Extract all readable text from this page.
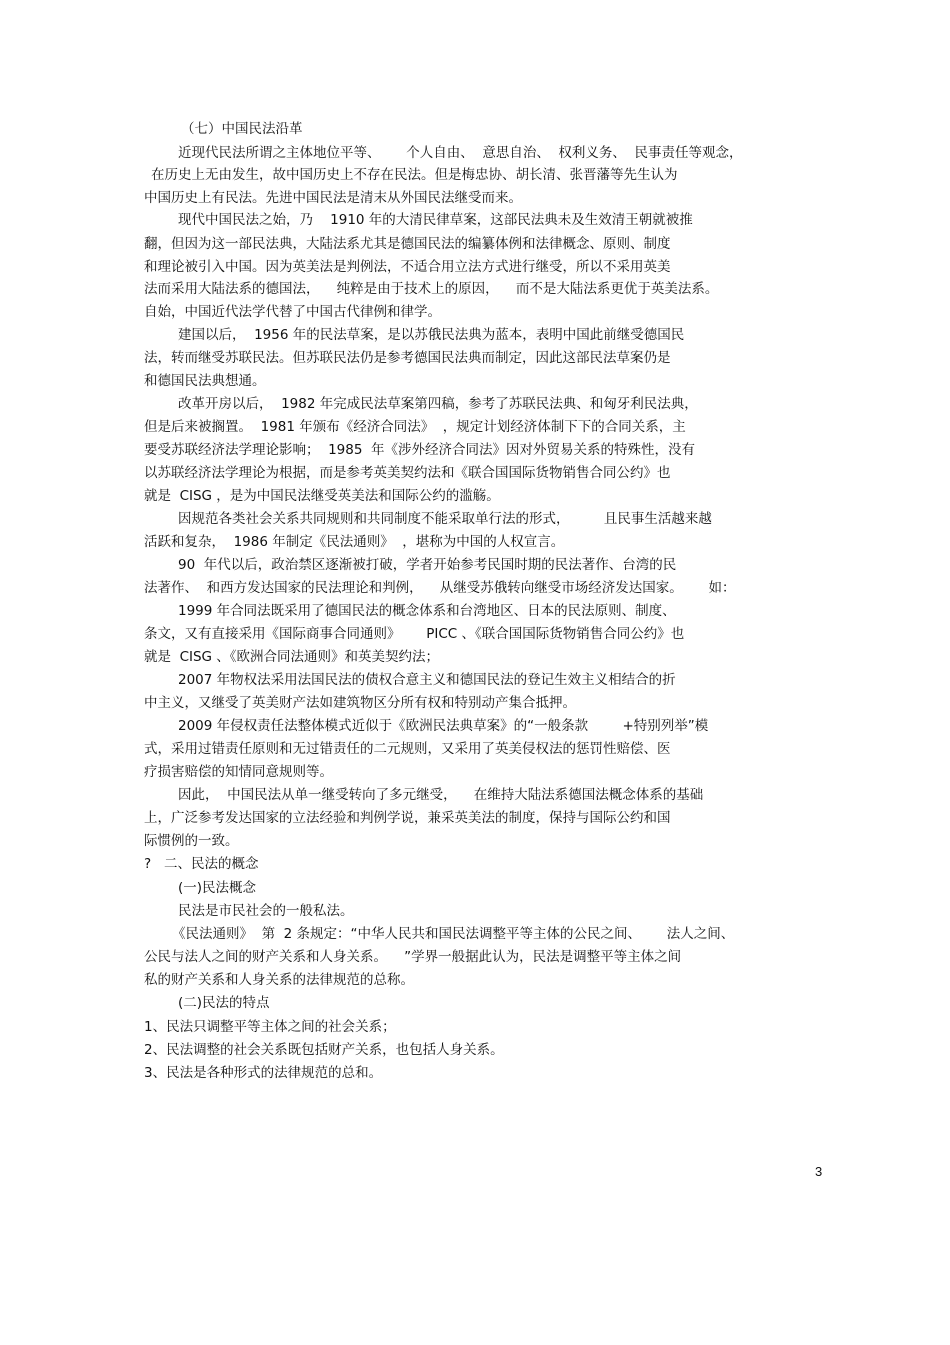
（七）中国民法沿革
近现代民法所谓之主体地位平等、      个人自由、  意思自治、  权利义务、  民事责任等观念，
在历史上无由发生，故中国历史上不存在民法。但是梅忠协、胡长清、张晋藩等先生认为
中国历史上有民法。先进中国民法是清末从外国民法继受而来。
现代中国民法之始，乃    1910 年的大清民律草案，这部民法典未及生效清王朝就被推
翻，但因为这一部民法典，大陆法系尤其是德国民法的编纂体例和法律概念、原则、制度
和理论被引入中国。因为英美法是判例法，不适合用立法方式进行继受，所以不采用英美
法而采用大陆法系的德国法，    纯粹是由于技术上的原因，    而不是大陆法系更优于英美法系。
自始，中国近代法学代替了中国古代律例和律学。
建国以后，  1956 年的民法草案，是以苏俄民法典为蓝本，表明中国此前继受德国民
法，转而继受苏联民法。但苏联民法仍是参考德国民法典而制定，因此这部民法草案仍是
和德国民法典想通。
改革开房以后，  1982 年完成民法草案第四稿，参考了苏联民法典、和匈牙利民法典，
但是后来被搁置。  1981 年颁布《经济合同法》  ，规定计划经济体制下下的合同关系，主
要受苏联经济法学理论影响；  1985  年《涉外经济合同法》因对外贸易关系的特殊性，没有
以苏联经济法学理论为根据，而是参考英美契约法和《联合国国际货物销售合同公约》也
就是  CISG ，是为中国民法继受英美法和国际公约的滥觞。
因规范各类社会关系共同规则和共同制度不能采取单行法的形式，        且民事生活越来越
活跃和复杂，  1986 年制定《民法通则》  ，堪称为中国的人权宣言。
90  年代以后，政治禁区逐渐被打破，学者开始参考民国时期的民法著作、台湾的民
法著作、  和西方发达国家的民法理论和判例，    从继受苏俄转向继受市场经济发达国家。      如：
1999 年合同法既采用了德国民法的概念体系和台湾地区、日本的民法原则、制度、
条文，又有直接采用《国际商事合同通则》      PICC 、《联合国国际货物销售合同公约》也
就是  CISG 、《欧洲合同法通则》和英美契约法；
2007 年物权法采用法国民法的债权合意主义和德国民法的登记生效主义相结合的折
中主义，又继受了英美财产法如建筑物区分所有权和特别动产集合抵押。
2009 年侵权责任法整体模式近似于《欧洲民法典草案》的“一般条款        +特别列举”模
式，采用过错责任原则和无过错责任的二元规则，又采用了英美侵权法的惩罚性赔偿、医
疗损害赔偿的知情同意规则等。
因此，  中国民法从单一继受转向了多元继受，    在维持大陆法系德国法概念体系的基础
上，广泛参考发达国家的立法经验和判例学说，兼采英美法的制度，保持与国际公约和国
际惯例的一致。
?   二、民法的概念
(一)民法概念
民法是市民社会的一般私法。
《民法通则》  第  2 条规定：“中华人民共和国民法调整平等主体的公民之间、      法人之间、
公民与法人之间的财产关系和人身关系。    ”学界一般据此认为，民法是调整平等主体之间
私的财产关系和人身关系的法律规范的总称。
(二)民法的特点
1、民法只调整平等主体之间的社会关系；
2、民法调整的社会关系既包括财产关系，也包括人身关系。
3、民法是各种形式的法律规范的总和。
3
